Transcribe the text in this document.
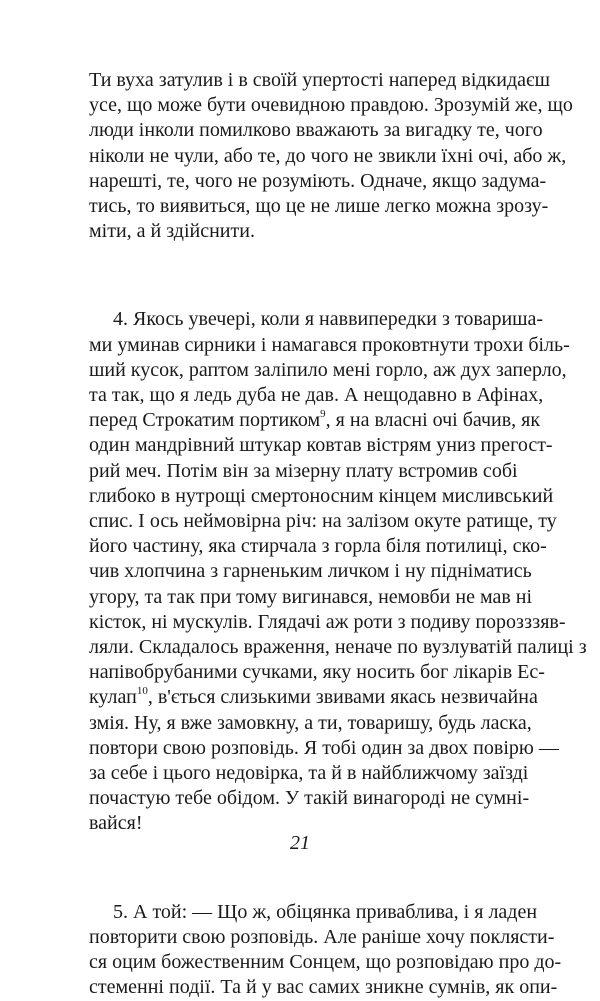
Ти вуха затулив і в своїй упертості наперед відкидаєш
усе, що може бути очевидною правдою. Зрозумій же, що
люди інколи помилково вважають за вигадку те, чого
ніколи не чули, або те, до чого не звикли їхні очі, або ж,
нарешті, те, чого не розуміють. Одначе, якщо задума-
тись, то виявиться, що це не лише легко можна зрозу-
міти, а й здійснити.

4. Якось увечері, коли я наввипередки з товариша-
ми уминав сирники і намагався проковтнути трохи біль-
ший кусок, раптом заліпило мені горло, аж дух заперло,
та так, що я ледь дуба не дав. А нещодавно в Афінах,
перед Строкатим портиком$^9$, я на власні очі бачив, як
один мандрівний штукар ковтав вістрям униз прегост-
рий меч. Потім він за мізерну плату встромив собі
глибоко в нутрощі смертоносним кінцем мисливський
спис. І ось неймовірна річ: на залізом окуте ратище, ту
його частину, яка стирчала з горла біля потилиці, ско-
чив хлопчина з гарненьким личком і ну підніматись
угору, та так при тому вигинався, немовби не мав ні
кісток, ні мускулів. Глядачі аж роти з подиву порозззяв-
ляли. Складалось враження, неначе по вузлуватій палиці з
напівобрубаними сучками, яку носить бог лікарів Ес-
кулап$^{10}$, в'ється слизькими звивами якась незвичайна
змія. Ну, я вже замовкну, а ти, товаришу, будь ласка,
повтори свою розповідь. Я тобі один за двох повірю —
за себе і цього недовірка, та й в найближчому заїзді
почастую тебе обідом. У такій винагороді не сумні-
вайся!

5. А той: — Що ж, обіцянка приваблива, і я ладен
повторити свою розповідь. Але раніше хочу поклясти-
ся оцим божественним Сонцем, що розповідаю про до-
стеменні події. Та й у вас самих зникне сумнів, як опи-

21
